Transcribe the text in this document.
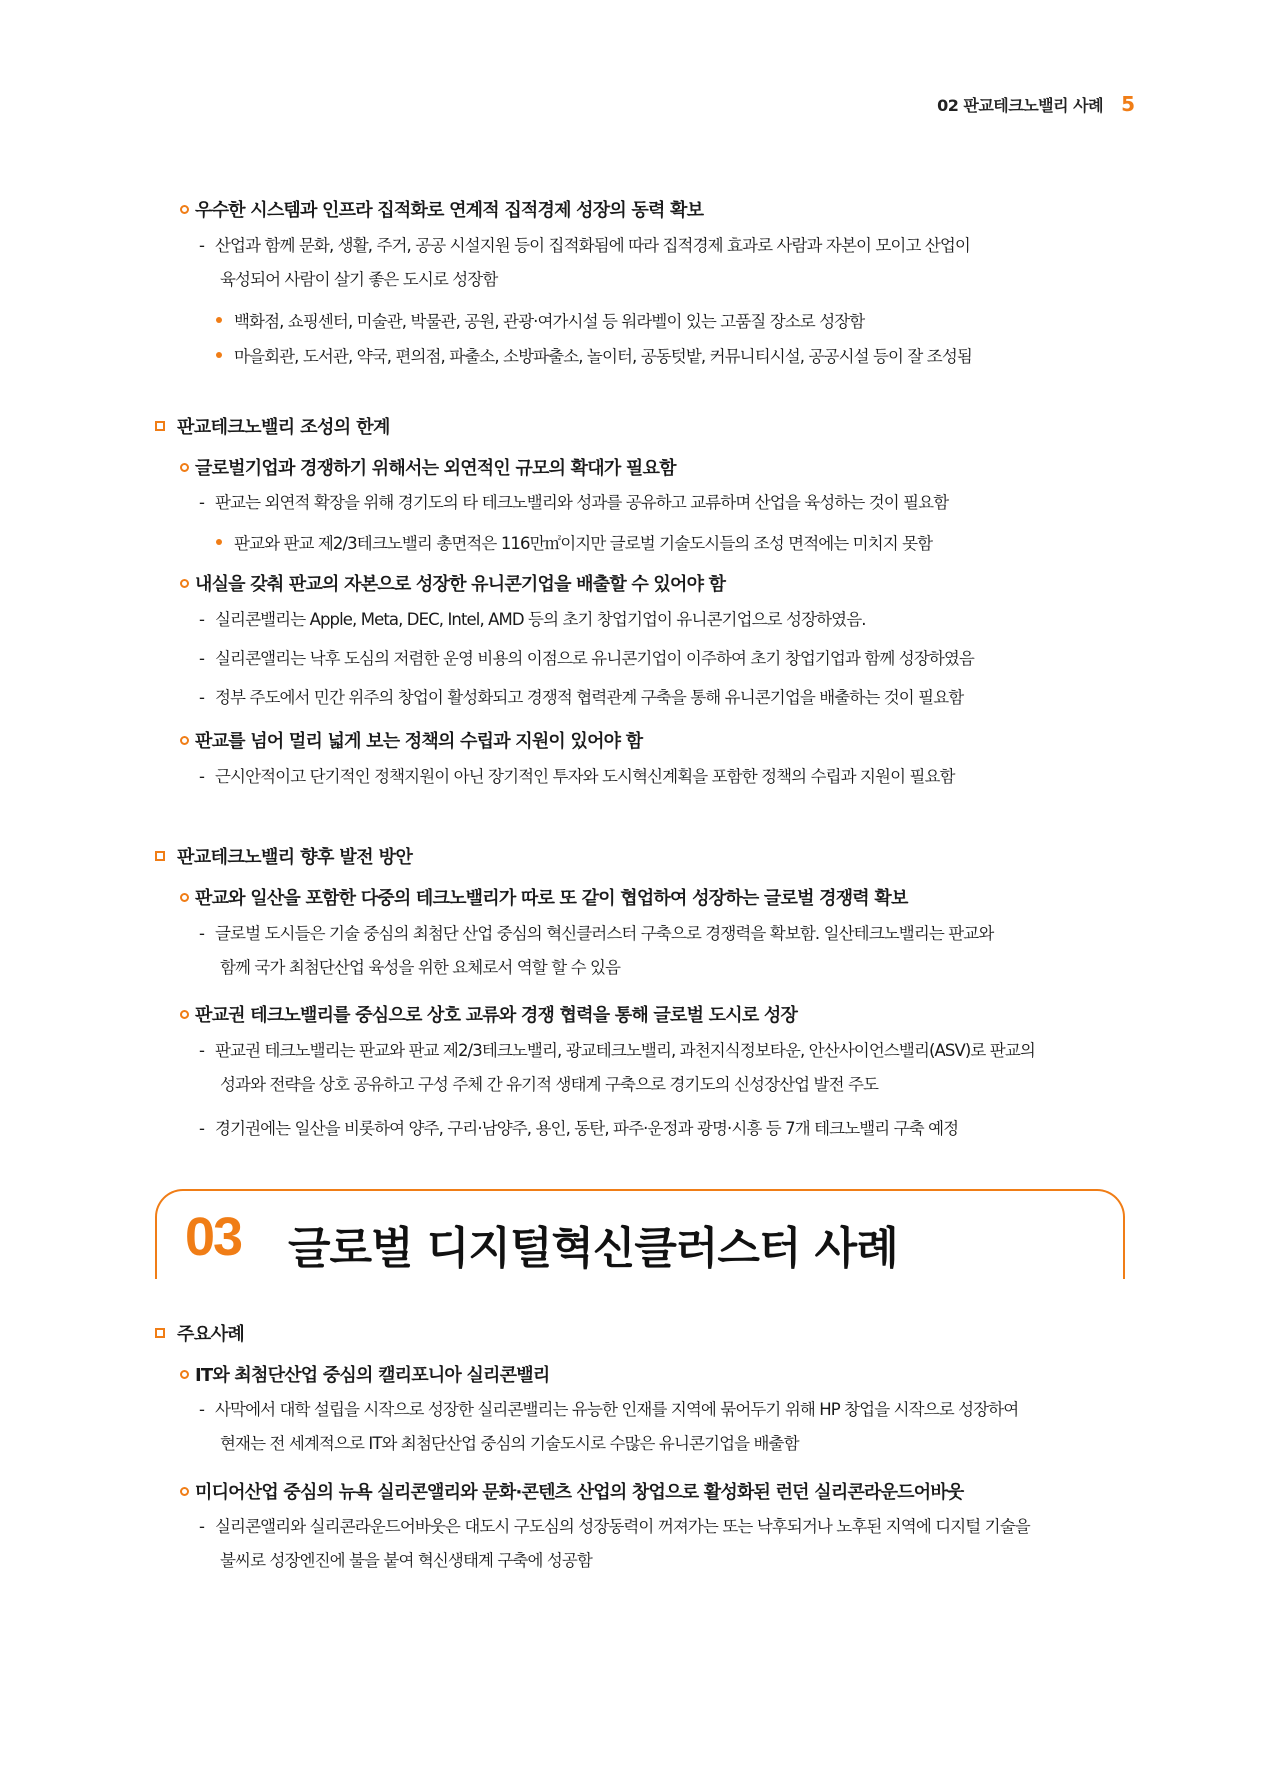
02 판교테크노밸리 사례 5
우수한 시스템과 인프라 집적화로 연계적 집적경제 성장의 동력 확보
- 산업과 함께 문화, 생활, 주거, 공공 시설지원 등이 집적화됨에 따라 집적경제 효과로 사람과 자본이 모이고 산업이
육성되어 사람이 살기 좋은 도시로 성장함
백화점, 쇼핑센터, 미술관, 박물관, 공원, 관광·여가시설 등 워라벨이 있는 고품질 장소로 성장함
마을회관, 도서관, 약국, 편의점, 파출소, 소방파출소, 놀이터, 공동텃밭, 커뮤니티시설, 공공시설 등이 잘 조성됨
판교테크노밸리 조성의 한계
글로벌기업과 경쟁하기 위해서는 외연적인 규모의 확대가 필요함
- 판교는 외연적 확장을 위해 경기도의 타 테크노밸리와 성과를 공유하고 교류하며 산업을 육성하는 것이 필요함
판교와 판교 제2/3테크노밸리 총면적은 116만㎡이지만 글로벌 기술도시들의 조성 면적에는 미치지 못함
내실을 갖춰 판교의 자본으로 성장한 유니콘기업을 배출할 수 있어야 함
- 실리콘밸리는 Apple, Meta, DEC, Intel, AMD 등의 초기 창업기업이 유니콘기업으로 성장하였음.
- 실리콘앨리는 낙후 도심의 저렴한 운영 비용의 이점으로 유니콘기업이 이주하여 초기 창업기업과 함께 성장하였음
- 정부 주도에서 민간 위주의 창업이 활성화되고 경쟁적 협력관계 구축을 통해 유니콘기업을 배출하는 것이 필요함
판교를 넘어 멀리 넓게 보는 정책의 수립과 지원이 있어야 함
- 근시안적이고 단기적인 정책지원이 아닌 장기적인 투자와 도시혁신계획을 포함한 정책의 수립과 지원이 필요함
판교테크노밸리 향후 발전 방안
판교와 일산을 포함한 다중의 테크노밸리가 따로 또 같이 협업하여 성장하는 글로벌 경쟁력 확보
- 글로벌 도시들은 기술 중심의 최첨단 산업 중심의 혁신클러스터 구축으로 경쟁력을 확보함. 일산테크노밸리는 판교와
함께 국가 최첨단산업 육성을 위한 요체로서 역할 할 수 있음
판교권 테크노밸리를 중심으로 상호 교류와 경쟁 협력을 통해 글로벌 도시로 성장
- 판교권 테크노밸리는 판교와 판교 제2/3테크노밸리, 광교테크노밸리, 과천지식정보타운, 안산사이언스밸리(ASV)로 판교의
성과와 전략을 상호 공유하고 구성 주체 간 유기적 생태계 구축으로 경기도의 신성장산업 발전 주도
- 경기권에는 일산을 비롯하여 양주, 구리·남양주, 용인, 동탄, 파주·운정과 광명·시흥 등 7개 테크노밸리 구축 예정
03 글로벌 디지털혁신클러스터 사례
주요사례
IT와 최첨단산업 중심의 캘리포니아 실리콘밸리
- 사막에서 대학 설립을 시작으로 성장한 실리콘밸리는 유능한 인재를 지역에 묶어두기 위해 HP 창업을 시작으로 성장하여
현재는 전 세계적으로 IT와 최첨단산업 중심의 기술도시로 수많은 유니콘기업을 배출함
미디어산업 중심의 뉴욕 실리콘앨리와 문화·콘텐츠 산업의 창업으로 활성화된 런던 실리콘라운드어바웃
- 실리콘앨리와 실리콘라운드어바웃은 대도시 구도심의 성장동력이 꺼져가는 또는 낙후되거나 노후된 지역에 디지털 기술을
불씨로 성장엔진에 불을 붙여 혁신생태계 구축에 성공함
